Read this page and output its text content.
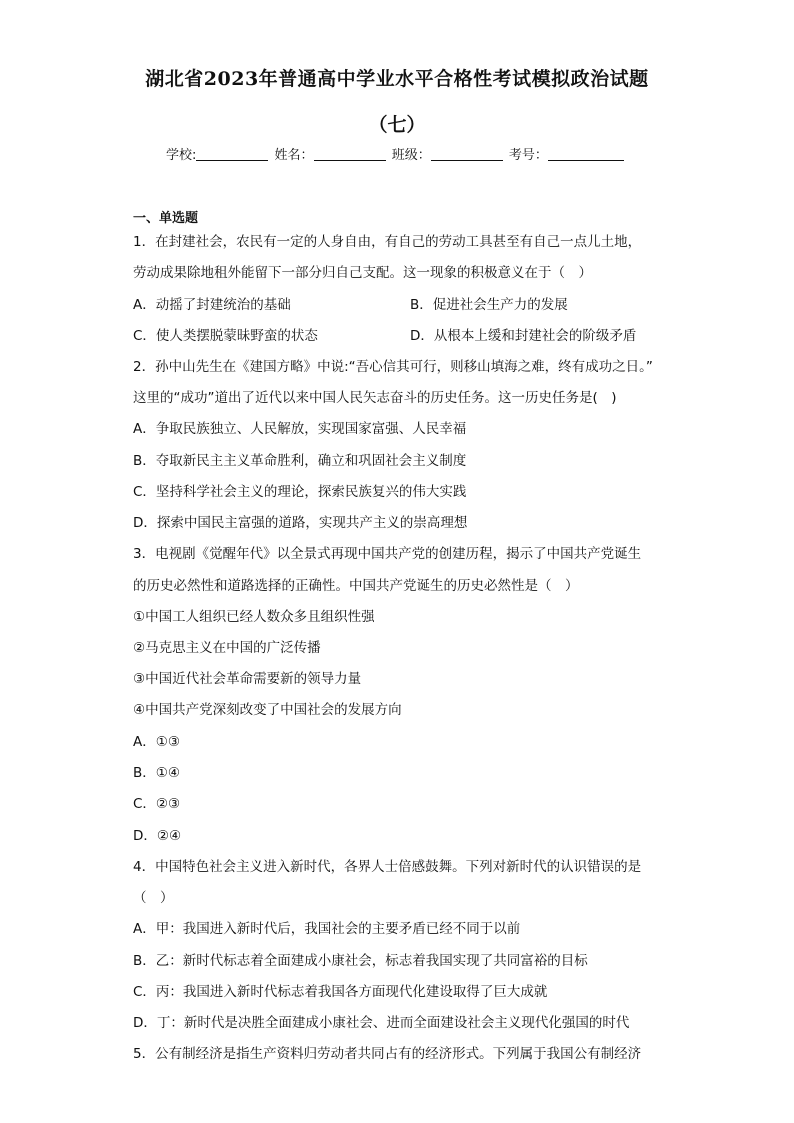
湖北省2023年普通高中学业水平合格性考试模拟政治试题
（七）
学校:	姓名：	班级：	考号：
一、单选题
1．在封建社会，农民有一定的人身自由，有自己的劳动工具甚至有自己一点儿土地，
劳动成果除地租外能留下一部分归自己支配。这一现象的积极意义在于（　）
A．动摇了封建统治的基础	B．促进社会生产力的发展
C．使人类摆脱蒙昧野蛮的状态	D．从根本上缓和封建社会的阶级矛盾
2．孙中山先生在《建国方略》中说:“吾心信其可行，则移山填海之难，终有成功之日。”
这里的“成功”道出了近代以来中国人民矢志奋斗的历史任务。这一历史任务是(　)
A．争取民族独立、人民解放，实现国家富强、人民幸福
B．夺取新民主主义革命胜利，确立和巩固社会主义制度
C．坚持科学社会主义的理论，探索民族复兴的伟大实践
D．探索中国民主富强的道路，实现共产主义的崇高理想
3．电视剧《觉醒年代》以全景式再现中国共产党的创建历程，揭示了中国共产党诞生
的历史必然性和道路选择的正确性。中国共产党诞生的历史必然性是（　）
①中国工人组织已经人数众多且组织性强
②马克思主义在中国的广泛传播
③中国近代社会革命需要新的领导力量
④中国共产党深刻改变了中国社会的发展方向
A．①③
B．①④
C．②③
D．②④
4．中国特色社会主义进入新时代，各界人士倍感鼓舞。下列对新时代的认识错误的是
（　）
A．甲：我国进入新时代后，我国社会的主要矛盾已经不同于以前
B．乙：新时代标志着全面建成小康社会，标志着我国实现了共同富裕的目标
C．丙：我国进入新时代标志着我国各方面现代化建设取得了巨大成就
D．丁：新时代是决胜全面建成小康社会、进而全面建设社会主义现代化强国的时代
5．公有制经济是指生产资料归劳动者共同占有的经济形式。下列属于我国公有制经济
